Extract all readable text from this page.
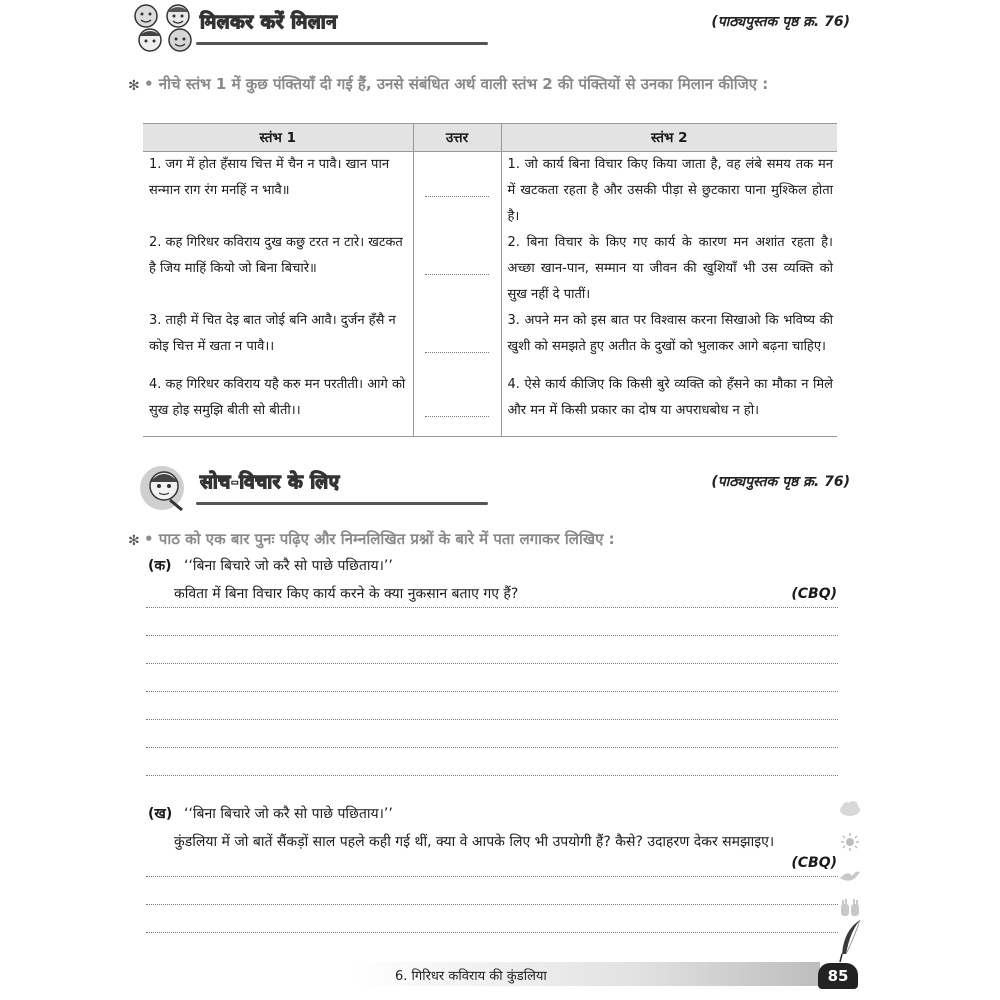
मिलकर करें मिलान	(पाठ्यपुस्तक पृष्ठ क्र. 76)
✻ • नीचे स्तंभ 1 में कुछ पंक्तियाँ दी गई हैं, उनसे संबंधित अर्थ वाली स्तंभ 2 की पंक्तियों से उनका मिलान कीजिए :
स्तंभ 1	उत्तर	स्तंभ 2

1. जग में होत हँसाय चित्त में चैन न पावै। खान पान सन्मान राग रंग मनहिं न भावै॥		1. जो कार्य बिना विचार किए किया जाता है, वह लंबे समय तक मन में खटकता रहता है और उसकी पीड़ा से छुटकारा पाना मुश्किल होता है।

2. कह गिरिधर कविराय दुख कछु टरत न टारे। खटकत है जिय माहिं कियो जो बिना बिचारे॥		2. बिना विचार के किए गए कार्य के कारण मन अशांत रहता है। अच्छा खान-पान, सम्मान या जीवन की खुशियाँ भी उस व्यक्ति को सुख नहीं दे पातीं।

3. ताही में चित देइ बात जोई बनि आवै। दुर्जन हँसै न कोइ चित्त में खता न पावै।।		3. अपने मन को इस बात पर विश्वास करना सिखाओ कि भविष्य की खुशी को समझते हुए अतीत के दुखों को भुलाकर आगे बढ़ना चाहिए।

4. कह गिरिधर कविराय यहै करु मन परतीती। आगे को सुख होइ समुझि बीती सो बीती।।		4. ऐसे कार्य कीजिए कि किसी बुरे व्यक्ति को हँसने का मौका न मिले और मन में किसी प्रकार का दोष या अपराधबोध न हो।
सोच-विचार के लिए	(पाठ्यपुस्तक पृष्ठ क्र. 76)
✻ • पाठ को एक बार पुनः पढ़िए और निम्नलिखित प्रश्नों के बारे में पता लगाकर लिखिए :
(क) ‘‘बिना बिचारे जो करै सो पाछे पछिताय।’’
कविता में बिना विचार किए कार्य करने के क्या नुकसान बताए गए हैं?	(CBQ)
(ख) ‘‘बिना बिचारे जो करै सो पाछे पछिताय।’’
कुंडलिया में जो बातें सैंकड़ों साल पहले कही गई थीं, क्या वे आपके लिए भी उपयोगी हैं? कैसे? उदाहरण देकर समझाइए।
(CBQ)
6. गिरिधर कविराय की कुंडलिया	85
